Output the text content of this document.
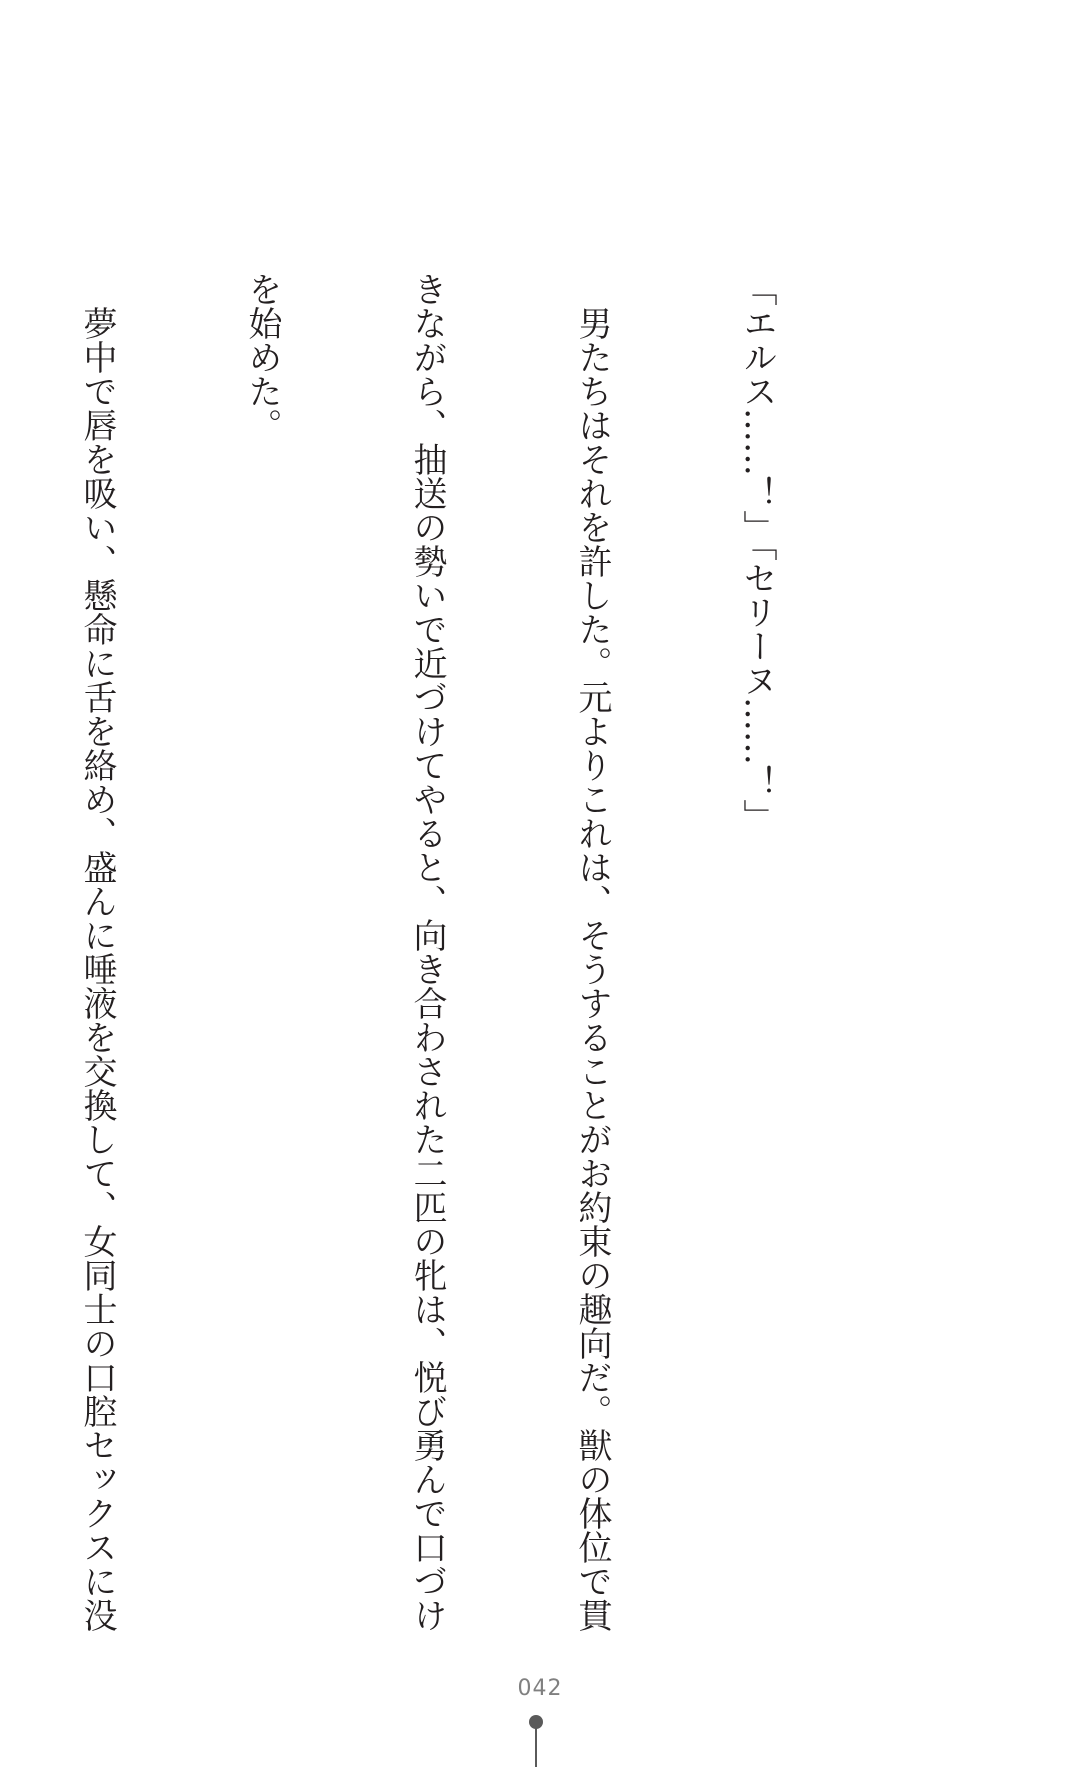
「エルス……！」「セリーヌ……！」

　男たちはそれを許した。元よりこれは、そうすることがお約束の趣向だ。獣の体位で貫

きながら、抽送の勢いで近づけてやると、向き合わされた二匹の牝は、悦び勇んで口づけ

を始めた。

　夢中で唇を吸い、懸命に舌を絡め、盛んに唾液を交換して、女同士の口腔セックスに没

042
